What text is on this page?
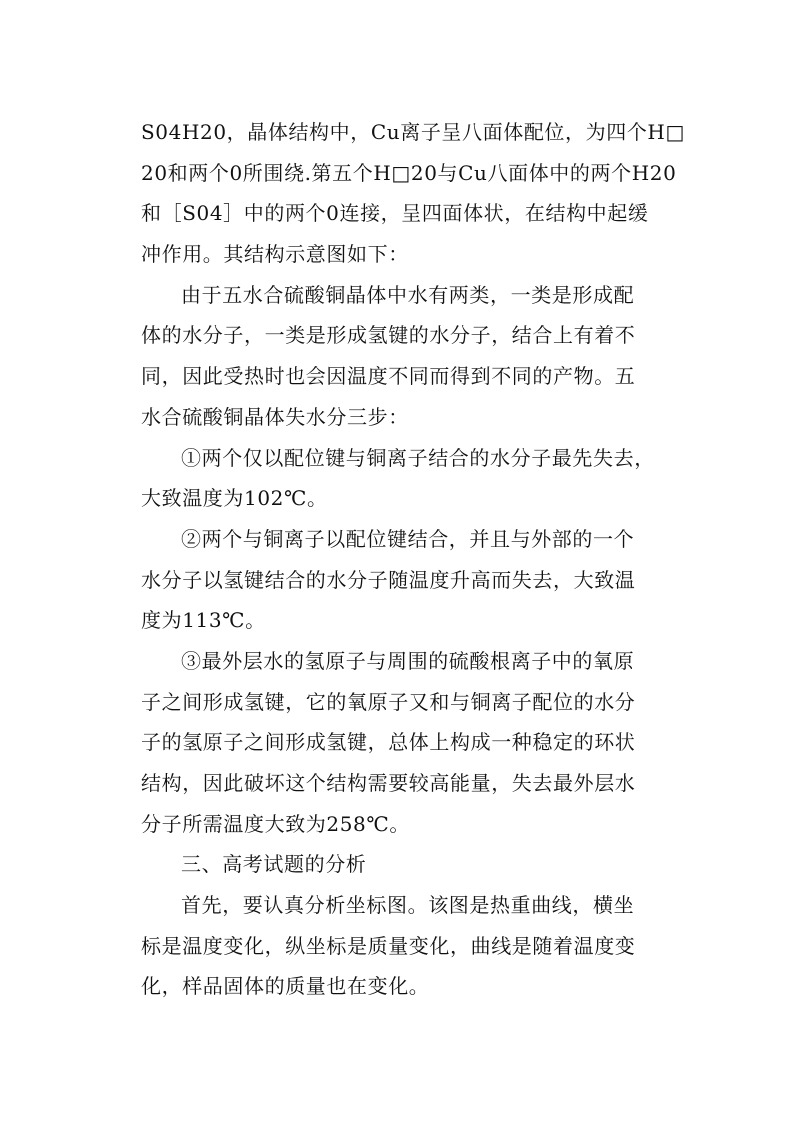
S04H20，晶体结构中，Cu离子呈八面体配位，为四个H□
20和两个0所围绕.第五个H□20与Cu八面体中的两个H20
和［S04］中的两个0连接，呈四面体状，在结构中起缓
冲作用。其结构示意图如下：
由于五水合硫酸铜晶体中水有两类，一类是形成配
体的水分子，一类是形成氢键的水分子，结合上有着不
同，因此受热时也会因温度不同而得到不同的产物。五
水合硫酸铜晶体失水分三步：
①两个仅以配位键与铜离子结合的水分子最先失去，
大致温度为102℃。
②两个与铜离子以配位键结合，并且与外部的一个
水分子以氢键结合的水分子随温度升高而失去，大致温
度为113℃。
③最外层水的氢原子与周围的硫酸根离子中的氧原
子之间形成氢键，它的氧原子又和与铜离子配位的水分
子的氢原子之间形成氢键，总体上构成一种稳定的环状
结构，因此破坏这个结构需要较高能量，失去最外层水
分子所需温度大致为258℃。
三、高考试题的分析
首先，要认真分析坐标图。该图是热重曲线，横坐
标是温度变化，纵坐标是质量变化，曲线是随着温度变
化，样品固体的质量也在变化。
